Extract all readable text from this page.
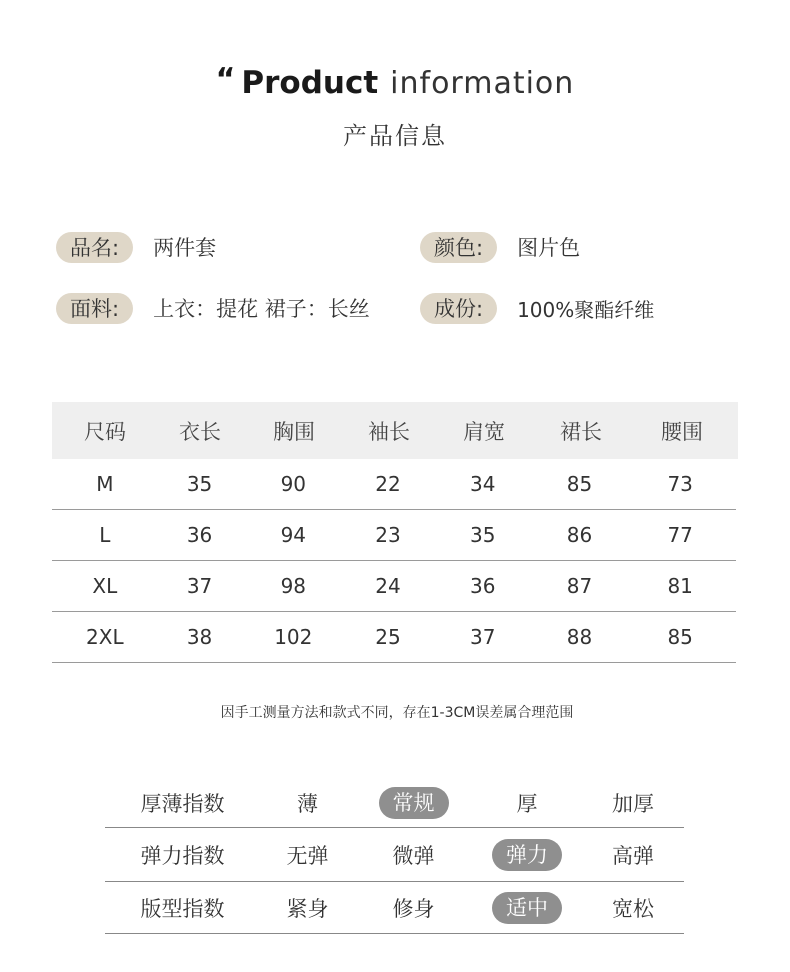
“ Product information
产品信息
品名:	两件套	颜色:	图片色
面料:	上衣：提花 裙子：长丝	成份:	100%聚酯纤维
尺码	衣长	胸围	袖长	肩宽	裙长	腰围
M	35	90	22	34	85	73
L	36	94	23	35	86	77
XL	37	98	24	36	87	81
2XL	38	102	25	37	88	85
因手工测量方法和款式不同，存在1-3CM误差属合理范围
厚薄指数	薄	常规	厚	加厚
弹力指数	无弹	微弹	弹力	高弹
版型指数	紧身	修身	适中	宽松
